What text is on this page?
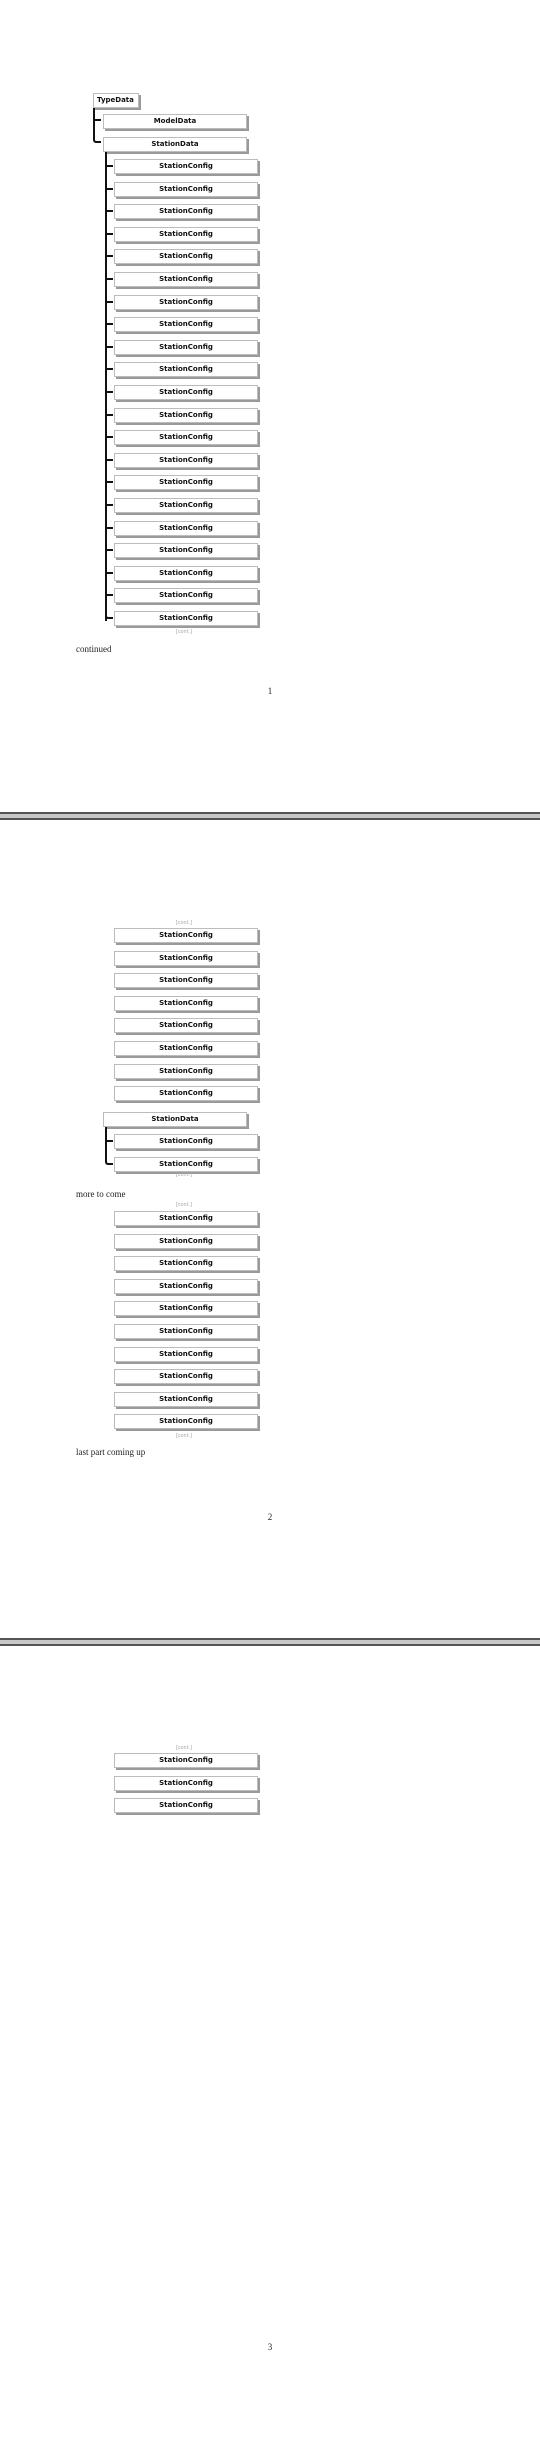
TypeData
ModelData
StationData
StationConfig
StationConfig
StationConfig
StationConfig
StationConfig
StationConfig
StationConfig
StationConfig
StationConfig
StationConfig
StationConfig
StationConfig
StationConfig
StationConfig
StationConfig
StationConfig
StationConfig
StationConfig
StationConfig
StationConfig
StationConfig
[cont.]
continued
1
[cont.]
StationConfig
StationConfig
StationConfig
StationConfig
StationConfig
StationConfig
StationConfig
StationConfig
StationData
StationConfig
StationConfig
[cont.]
more to come
[cont.]
StationConfig
StationConfig
StationConfig
StationConfig
StationConfig
StationConfig
StationConfig
StationConfig
StationConfig
StationConfig
[cont.]
last part coming up
2
[cont.]
StationConfig
StationConfig
StationConfig
3
